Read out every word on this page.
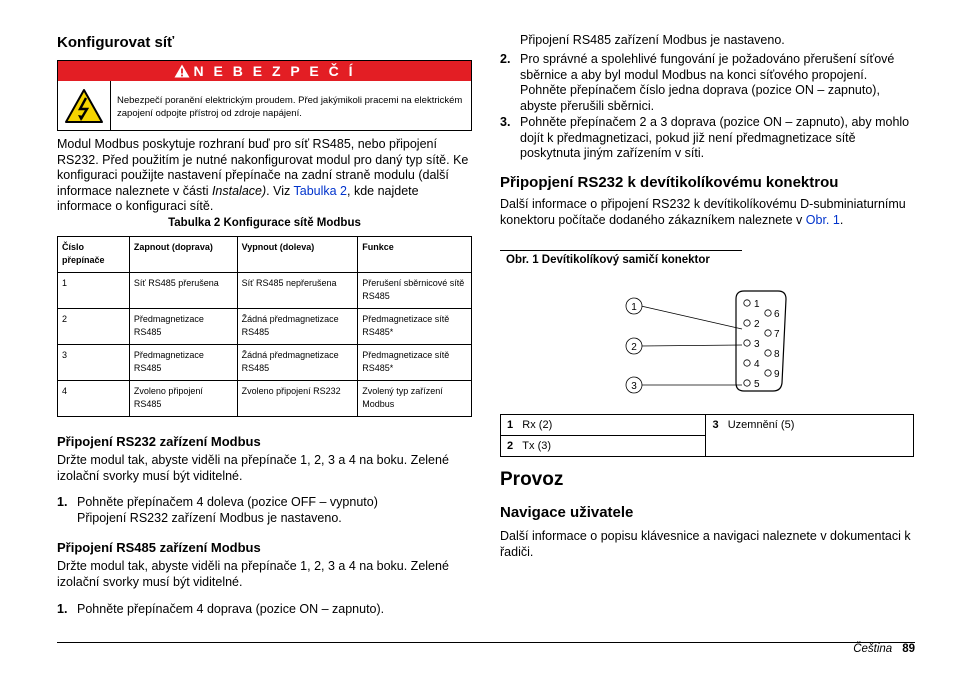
Konfigurovat síť
N E B E Z P E Č Í
Nebezpečí poranění elektrickým proudem. Před jakýmikoli pracemi na elektrickém zapojení odpojte přístroj od zdroje napájení.
Modul Modbus poskytuje rozhraní buď pro síť RS485, nebo připojení RS232. Před použitím je nutné nakonfigurovat modul pro daný typ sítě. Ke konfiguraci použijte nastavení přepínače na zadní straně modulu (další informace naleznete v části Instalace). Viz Tabulka 2, kde najdete informace o konfiguraci sítě.
Tabulka 2 Konfigurace sítě Modbus
Číslo přepínače	Zapnout (doprava)	Vypnout (doleva)	Funkce
1	Síť RS485 přerušena	Síť RS485 nepřerušena	Přerušení sběrnicové sítě RS485
2	Předmagnetizace RS485	Žádná předmagnetizace RS485	Předmagnetizace sítě RS485*
3	Předmagnetizace RS485	Žádná předmagnetizace RS485	Předmagnetizace sítě RS485*
4	Zvoleno připojení RS485	Zvoleno připojení RS232	Zvolený typ zařízení Modbus
Připojení RS232 zařízení Modbus
Držte modul tak, abyste viděli na přepínače 1, 2, 3 a 4 na boku. Zelené izolační svorky musí být viditelné.
1. Pohněte přepínačem 4 doleva (pozice OFF – vypnuto)
Připojení RS232 zařízení Modbus je nastaveno.
Připojení RS485 zařízení Modbus
Držte modul tak, abyste viděli na přepínače 1, 2, 3 a 4 na boku. Zelené izolační svorky musí být viditelné.
1. Pohněte přepínačem 4 doprava (pozice ON – zapnuto).
Připojení RS485 zařízení Modbus je nastaveno.
2. Pro správné a spolehlivé fungování je požadováno přerušení síťové sběrnice a aby byl modul Modbus na konci síťového propojení. Pohněte přepínačem číslo jedna doprava (pozice ON – zapnuto), abyste přerušili sběrnici.
3. Pohněte přepínačem 2 a 3 doprava (pozice ON – zapnuto), aby mohlo dojít k předmagnetizaci, pokud již není předmagnetizace sítě poskytnuta jiným zařízením v síti.
Připopjení RS232 k devítikolíkovému konektrou
Další informace o připojení RS232 k devítikolíkovému D-subminiaturnímu konektoru počítače dodaného zákazníkem naleznete v Obr. 1.
Obr. 1 Devítikolíkový samičí konektor
1
2
3
1
2
3
4
5
6
7
8
9
1 Rx (2)	3 Uzemnění (5)
2 Tx (3)
Provoz
Navigace uživatele
Další informace o popisu klávesnice a navigaci naleznete v dokumentaci k řadiči.
Čeština 89
